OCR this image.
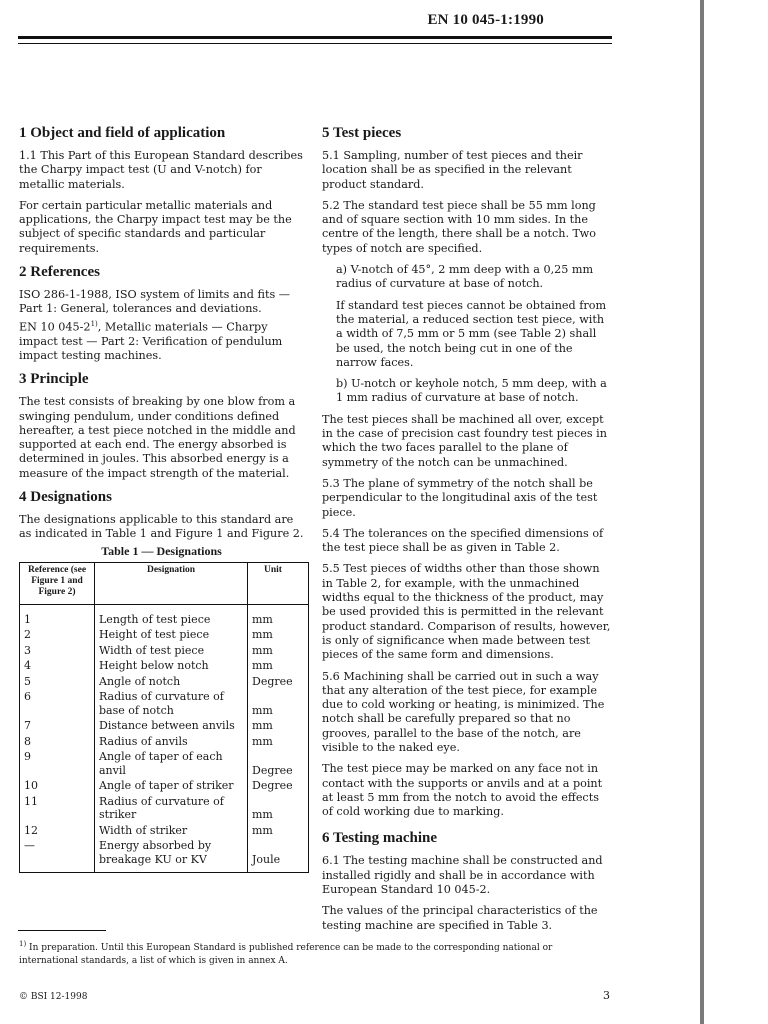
EN 10 045-1:1990
1 Object and field of application

1.1 This Part of this European Standard describes the Charpy impact test (U and V-notch) for metallic materials.

For certain particular metallic materials and applications, the Charpy impact test may be the subject of specific standards and particular requirements.

2 References

ISO 286-1-1988, ISO system of limits and fits — Part 1: General, tolerances and deviations.

EN 10 045-2$^{1)}$, Metallic materials — Charpy impact test — Part 2: Verification of pendulum impact testing machines.

3 Principle

The test consists of breaking by one blow from a swinging pendulum, under conditions defined hereafter, a test piece notched in the middle and supported at each end. The energy absorbed is determined in joules. This absorbed energy is a measure of the impact strength of the material.

4 Designations

The designations applicable to this standard are as indicated in Table 1 and Figure 1 and Figure 2.

Table 1 — Designations
Reference (see Figure 1 and Figure 2)	Designation	Unit
1	Length of test piece	mm
2	Height of test piece	mm
3	Width of test piece	mm
4	Height below notch	mm
5	Angle of notch	Degree
6	Radius of curvature of base of notch	mm
7	Distance between anvils	mm
8	Radius of anvils	mm
9	Angle of taper of each anvil	Degree
10	Angle of taper of striker	Degree
11	Radius of curvature of striker	mm
12	Width of striker	mm
—	Energy absorbed by breakage KU or KV	Joule
5 Test pieces

5.1 Sampling, number of test pieces and their location shall be as specified in the relevant product standard.

5.2 The standard test piece shall be 55 mm long and of square section with 10 mm sides. In the centre of the length, there shall be a notch. Two types of notch are specified.

a) V-notch of 45°, 2 mm deep with a 0,25 mm radius of curvature at base of notch.

If standard test pieces cannot be obtained from the material, a reduced section test piece, with a width of 7,5 mm or 5 mm (see Table 2) shall be used, the notch being cut in one of the narrow faces.

b) U-notch or keyhole notch, 5 mm deep, with a 1 mm radius of curvature at base of notch.

The test pieces shall be machined all over, except in the case of precision cast foundry test pieces in which the two faces parallel to the plane of symmetry of the notch can be unmachined.

5.3 The plane of symmetry of the notch shall be perpendicular to the longitudinal axis of the test piece.

5.4 The tolerances on the specified dimensions of the test piece shall be as given in Table 2.

5.5 Test pieces of widths other than those shown in Table 2, for example, with the unmachined widths equal to the thickness of the product, may be used provided this is permitted in the relevant product standard. Comparison of results, however, is only of significance when made between test pieces of the same form and dimensions.

5.6 Machining shall be carried out in such a way that any alteration of the test piece, for example due to cold working or heating, is minimized. The notch shall be carefully prepared so that no grooves, parallel to the base of the notch, are visible to the naked eye.

The test piece may be marked on any face not in contact with the supports or anvils and at a point at least 5 mm from the notch to avoid the effects of cold working due to marking.

6 Testing machine

6.1 The testing machine shall be constructed and installed rigidly and shall be in accordance with European Standard 10 045-2.

The values of the principal characteristics of the testing machine are specified in Table 3.

$^{1)}$ In preparation. Until this European Standard is published reference can be made to the corresponding national or international standards, a list of which is given in annex A.
© BSI 12-1998	3
